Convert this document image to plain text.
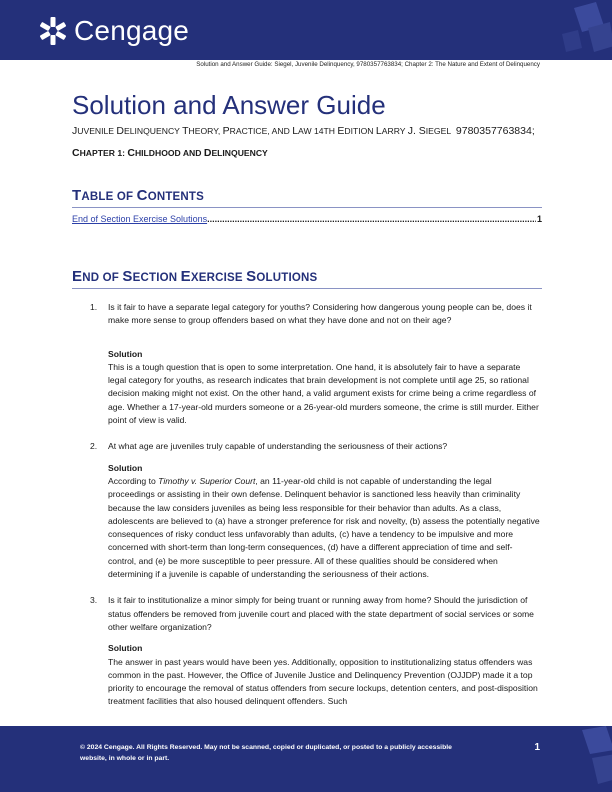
Cengage
Solution and Answer Guide: Siegel, Juvenile Delinquency, 9780357763834; Chapter 2: The Nature and Extent of Delinquency
Solution and Answer Guide
JUVENILE DELINQUENCY THEORY, PRACTICE, AND LAW 14TH EDITION LARRY J. SIEGEL 9780357763834;
CHAPTER 1: CHILDHOOD AND DELINQUENCY
TABLE OF CONTENTS
End of Section Exercise Solutions
.....	1
END OF SECTION EXERCISE SOLUTIONS
1.	Is it fair to have a separate legal category for youths? Considering how dangerous young people can be, does it make more sense to group offenders based on what they have done and not on their age?

Solution

This is a tough question that is open to some interpretation. One hand, it is absolutely fair to have a separate legal category for youths, as research indicates that brain development is not complete until age 25, so rational decision making might not exist. On the other hand, a valid argument exists for crime being a crime regardless of age. Whether a 17-year-old murders someone or a 26-year-old murders someone, the crime is still murder. Either point of view is valid.

2.	At what age are juveniles truly capable of understanding the seriousness of their actions?

Solution

According to Timothy v. Superior Court, an 11-year-old child is not capable of understanding the legal proceedings or assisting in their own defense. Delinquent behavior is sanctioned less heavily than criminality because the law considers juveniles as being less responsible for their behavior than adults. As a class, adolescents are believed to (a) have a stronger preference for risk and novelty, (b) assess the potentially negative consequences of risky conduct less unfavorably than adults, (c) have a tendency to be impulsive and more concerned with short-term than long-term consequences, (d) have a different appreciation of time and self-control, and (e) be more susceptible to peer pressure. All of these qualities should be considered when determining if a juvenile is capable of understanding the seriousness of their actions.

3.	Is it fair to institutionalize a minor simply for being truant or running away from home? Should the jurisdiction of status offenders be removed from juvenile court and placed with the state department of social services or some other welfare organization?

Solution

The answer in past years would have been yes. Additionally, opposition to institutionalizing status offenders was common in the past. However, the Office of Juvenile Justice and Delinquency Prevention (OJJDP) made it a top priority to encourage the removal of status offenders from secure lockups, detention centers, and post-disposition treatment facilities that also housed delinquent offenders. Such

© 2024 Cengage. All Rights Reserved. May not be scanned, copied or duplicated, or posted to a publicly accessible website, in whole or in part.
1
